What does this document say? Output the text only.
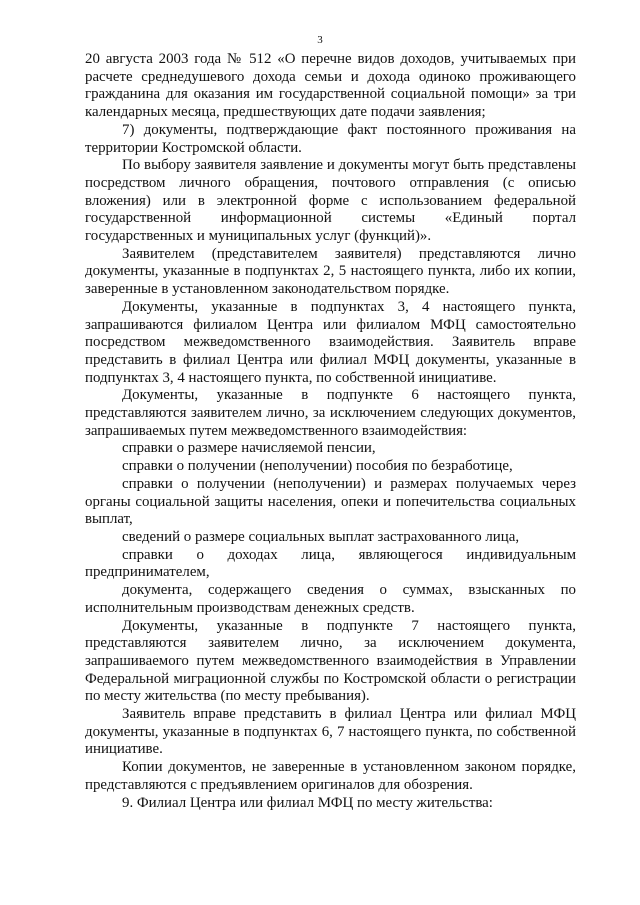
3

20 августа 2003 года № 512 «О перечне видов доходов, учитываемых при расчете среднедушевого дохода семьи и дохода одиноко проживающего гражданина для оказания им государственной социальной помощи» за три календарных месяца, предшествующих дате подачи заявления;

7) документы, подтверждающие факт постоянного проживания на территории Костромской области.

По выбору заявителя заявление и документы могут быть представлены посредством личного обращения, почтового отправления (с описью вложения) или в электронной форме с использованием федеральной государственной информационной системы «Единый портал государственных и муниципальных услуг (функций)».

Заявителем (представителем заявителя) представляются лично документы, указанные в подпунктах 2, 5 настоящего пункта, либо их копии, заверенные в установленном законодательством порядке.

Документы, указанные в подпунктах 3, 4 настоящего пункта, запрашиваются филиалом Центра или филиалом МФЦ самостоятельно посредством межведомственного взаимодействия. Заявитель вправе представить в филиал Центра или филиал МФЦ документы, указанные в подпунктах 3, 4 настоящего пункта, по собственной инициативе.

Документы, указанные в подпункте 6 настоящего пункта, представляются заявителем лично, за исключением следующих документов, запрашиваемых путем межведомственного взаимодействия:

справки о размере начисляемой пенсии,

справки о получении (неполучении) пособия по безработице,

справки о получении (неполучении) и размерах получаемых через органы социальной защиты населения, опеки и попечительства социальных выплат,

сведений о размере социальных выплат застрахованного лица,

справки о доходах лица, являющегося индивидуальным предпринимателем,

документа, содержащего сведения о суммах, взысканных по исполнительным производствам денежных средств.

Документы, указанные в подпункте 7 настоящего пункта, представляются заявителем лично, за исключением документа, запрашиваемого путем межведомственного взаимодействия в Управлении Федеральной миграционной службы по Костромской области о регистрации по месту жительства (по месту пребывания).

Заявитель вправе представить в филиал Центра или филиал МФЦ документы, указанные в подпунктах 6, 7 настоящего пункта, по собственной инициативе.

Копии документов, не заверенные в установленном законом порядке, представляются с предъявлением оригиналов для обозрения.

9. Филиал Центра или филиал МФЦ по месту жительства:
